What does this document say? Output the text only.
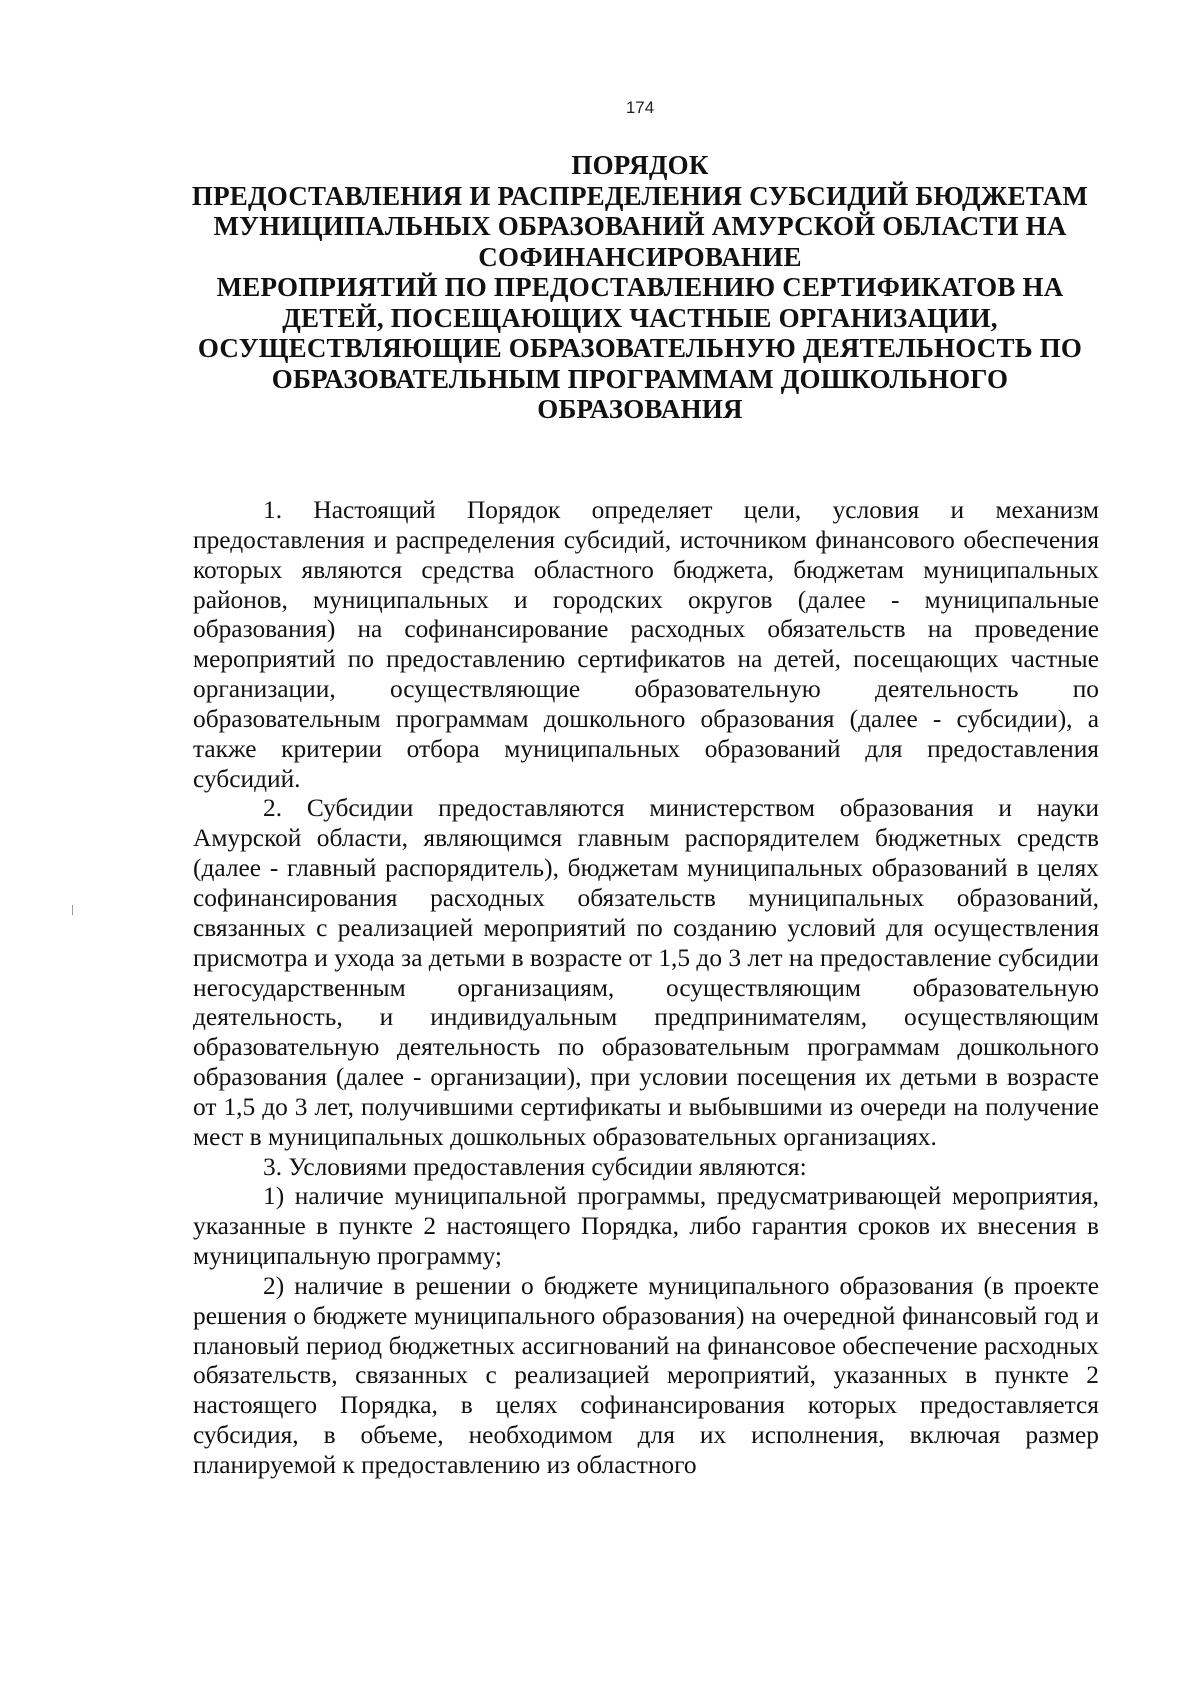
174
ПОРЯДОК
ПРЕДОСТАВЛЕНИЯ И РАСПРЕДЕЛЕНИЯ СУБСИДИЙ БЮДЖЕТАМ
МУНИЦИПАЛЬНЫХ ОБРАЗОВАНИЙ АМУРСКОЙ ОБЛАСТИ НА
СОФИНАНСИРОВАНИЕ
МЕРОПРИЯТИЙ ПО ПРЕДОСТАВЛЕНИЮ СЕРТИФИКАТОВ НА
ДЕТЕЙ, ПОСЕЩАЮЩИХ ЧАСТНЫЕ ОРГАНИЗАЦИИ,
ОСУЩЕСТВЛЯЮЩИЕ ОБРАЗОВАТЕЛЬНУЮ ДЕЯТЕЛЬНОСТЬ ПО
ОБРАЗОВАТЕЛЬНЫМ ПРОГРАММАМ ДОШКОЛЬНОГО
ОБРАЗОВАНИЯ

1. Настоящий Порядок определяет цели, условия и механизм предоставления и распределения субсидий, источником финансового обеспечения которых являются средства областного бюджета, бюджетам муниципальных районов, муниципальных и городских округов (далее - муниципальные образования) на софинансирование расходных обязательств на проведение мероприятий по предоставлению сертификатов на детей, посещающих частные организации, осуществляющие образовательную деятельность по образовательным программам дошкольного образования (далее - субсидии), а также критерии отбора муниципальных образований для предоставления субсидий.

2. Субсидии предоставляются министерством образования и науки Амурской области, являющимся главным распорядителем бюджетных средств (далее - главный распорядитель), бюджетам муниципальных образований в целях софинансирования расходных обязательств муниципальных образований, связанных с реализацией мероприятий по созданию условий для осуществления присмотра и ухода за детьми в возрасте от 1,5 до 3 лет на предоставление субсидии негосударственным организациям, осуществляющим образовательную деятельность, и индивидуальным предпринимателям, осуществляющим образовательную деятельность по образовательным программам дошкольного образования (далее - организации), при условии посещения их детьми в возрасте от 1,5 до 3 лет, получившими сертификаты и выбывшими из очереди на получение мест в муниципальных дошкольных образовательных организациях.

3. Условиями предоставления субсидии являются:

1) наличие муниципальной программы, предусматривающей мероприятия, указанные в пункте 2 настоящего Порядка, либо гарантия сроков их внесения в муниципальную программу;

2) наличие в решении о бюджете муниципального образования (в проекте решения о бюджете муниципального образования) на очередной финансовый год и плановый период бюджетных ассигнований на финансовое обеспечение расходных обязательств, связанных с реализацией мероприятий, указанных в пункте 2 настоящего Порядка, в целях софинансирования которых предоставляется субсидия, в объеме, необходимом для их исполнения, включая размер планируемой к предоставлению из областного
